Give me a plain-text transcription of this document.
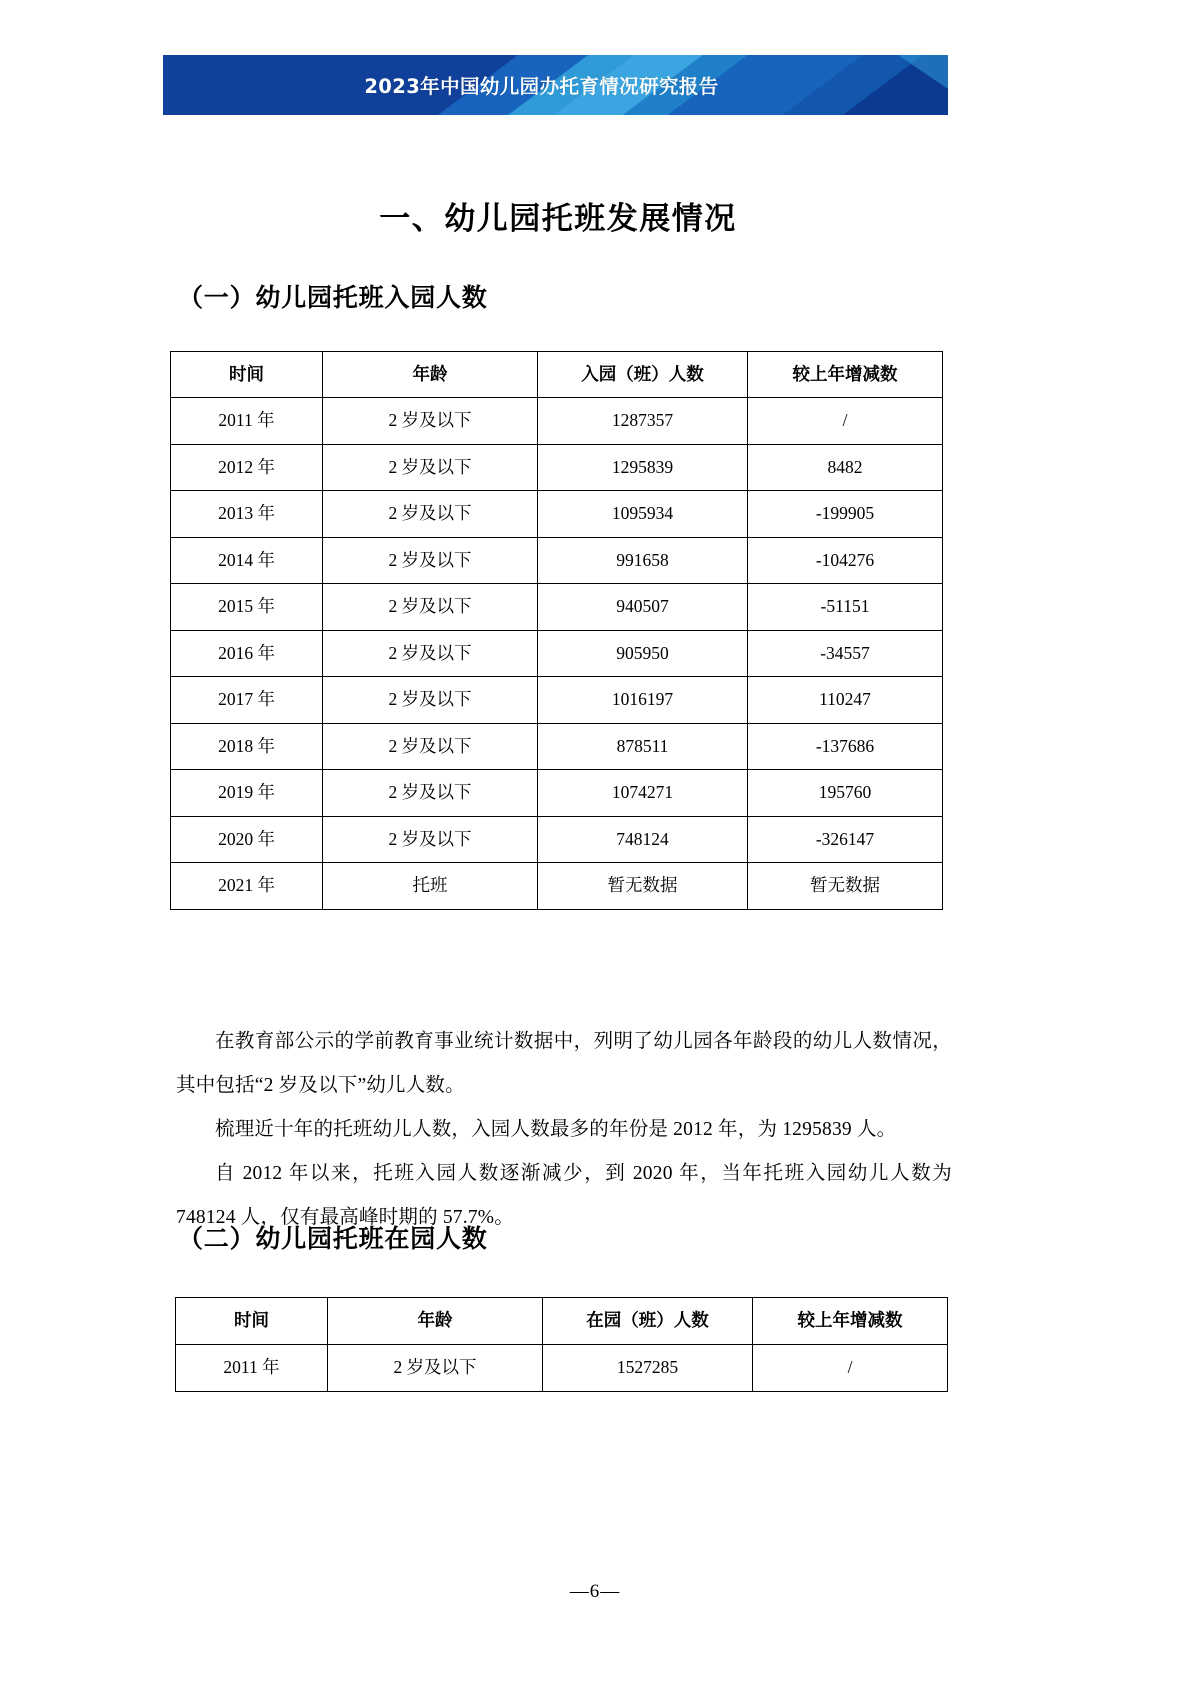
2023年中国幼儿园办托育情况研究报告
一、幼儿园托班发展情况
（一）幼儿园托班入园人数
时间	年龄	入园（班）人数	较上年增减数
2011 年	2 岁及以下	1287357	/
2012 年	2 岁及以下	1295839	8482
2013 年	2 岁及以下	1095934	-199905
2014 年	2 岁及以下	991658	-104276
2015 年	2 岁及以下	940507	-51151
2016 年	2 岁及以下	905950	-34557
2017 年	2 岁及以下	1016197	110247
2018 年	2 岁及以下	878511	-137686
2019 年	2 岁及以下	1074271	195760
2020 年	2 岁及以下	748124	-326147
2021 年	托班	暂无数据	暂无数据
在教育部公示的学前教育事业统计数据中，列明了幼儿园各年龄段的幼儿人数情况，其中包括“2 岁及以下”幼儿人数。
梳理近十年的托班幼儿人数，入园人数最多的年份是 2012 年，为 1295839 人。
自 2012 年以来，托班入园人数逐渐减少，到 2020 年，当年托班入园幼儿人数为 748124 人，仅有最高峰时期的 57.7%。
（二）幼儿园托班在园人数
时间	年龄	在园（班）人数	较上年增减数
2011 年	2 岁及以下	1527285	/
—6—
